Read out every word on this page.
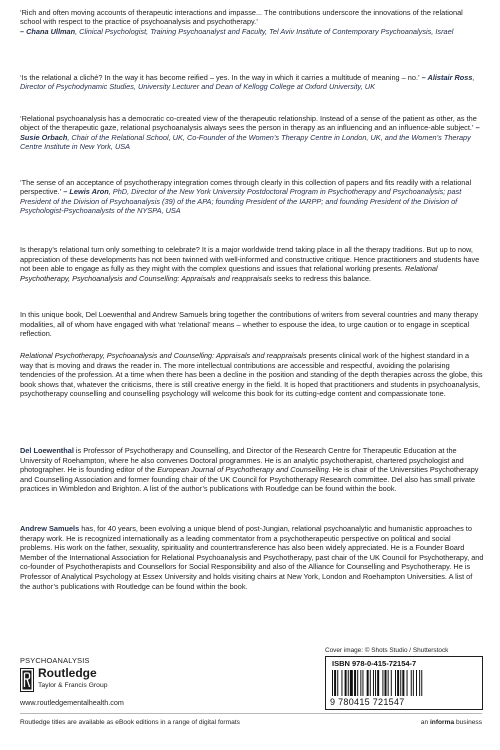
‘Rich and often moving accounts of therapeutic interactions and impasse... The contributions underscore the innovations of the relational school with respect to the practice of psychoanalysis and psychotherapy.’
– Chana Ullman, Clinical Psychologist, Training Psychoanalyst and Faculty, Tel Aviv Institute of Contemporary Psychoanalysis, Israel
‘Is the relational a cliché? In the way it has become reified – yes. In the way in which it carries a multitude of meaning – no.’ – Alistair Ross, Director of Psychodynamic Studies, University Lecturer and Dean of Kellogg College at Oxford University, UK
‘Relational psychoanalysis has a democratic co-created view of the therapeutic relationship. Instead of a sense of the patient as other, as the object of the therapeutic gaze, relational psychoanalysis always sees the person in therapy as an influencing and an influence-able subject.’ – Susie Orbach, Chair of the Relational School, UK, Co-Founder of the Women’s Therapy Centre in London, UK, and the Women’s Therapy Centre Institute in New York, USA
‘The sense of an acceptance of psychotherapy integration comes through clearly in this collection of papers and fits readily with a relational perspective.’ – Lewis Aron, PhD, Director of the New York University Postdoctoral Program in Psychotherapy and Psychoanalysis; past President of the Division of Psychoanalysis (39) of the APA; founding President of the IARPP; and founding President of the Division of Psychologist-Psychoanalysts of the NYSPA, USA
Is therapy’s relational turn only something to celebrate? It is a major worldwide trend taking place in all the therapy traditions. But up to now, appreciation of these developments has not been twinned with well-informed and constructive critique. Hence practitioners and students have not been able to engage as fully as they might with the complex questions and issues that relational working presents. Relational Psychotherapy, Psychoanalysis and Counselling: Appraisals and reappraisals seeks to redress this balance.
In this unique book, Del Loewenthal and Andrew Samuels bring together the contributions of writers from several countries and many therapy modalities, all of whom have engaged with what ‘relational’ means – whether to espouse the idea, to urge caution or to engage in sceptical reflection.
Relational Psychotherapy, Psychoanalysis and Counselling: Appraisals and reappraisals presents clinical work of the highest standard in a way that is moving and draws the reader in. The more intellectual contributions are accessible and respectful, avoiding the polarising tendencies of the profession. At a time when there has been a decline in the position and standing of the depth therapies across the globe, this book shows that, whatever the criticisms, there is still creative energy in the field. It is hoped that practitioners and students in psychoanalysis, psychotherapy counselling and counselling psychology will welcome this book for its cutting-edge content and compassionate tone.
Del Loewenthal is Professor of Psychotherapy and Counselling, and Director of the Research Centre for Therapeutic Education at the University of Roehampton, where he also convenes Doctoral programmes. He is an analytic psychotherapist, chartered psychologist and photographer. He is founding editor of the European Journal of Psychotherapy and Counselling. He is chair of the Universities Psychotherapy and Counselling Association and former founding chair of the UK Council for Psychotherapy Research committee. Del also has small private practices in Wimbledon and Brighton. A list of the author’s publications with Routledge can be found within the book.
Andrew Samuels has, for 40 years, been evolving a unique blend of post-Jungian, relational psychoanalytic and humanistic approaches to therapy work. He is recognized internationally as a leading commentator from a psychotherapeutic perspective on political and social problems. His work on the father, sexuality, spirituality and countertransference has also been widely appreciated. He is a Founder Board Member of the International Association for Relational Psychoanalysis and Psychotherapy, past chair of the UK Council for Psychotherapy, and co-founder of Psychotherapists and Counsellors for Social Responsibility and also of the Alliance for Counselling and Psychotherapy. He is Professor of Analytical Psychology at Essex University and holds visiting chairs at New York, London and Roehampton Universities. A list of the author’s publications with Routledge can be found within the book.
PSYCHOANALYSIS
Routledge
Taylor & Francis Group
www.routledgementalhealth.com
Routledge titles are available as eBook editions in a range of digital formats	an informa business
Cover image: © Shots Studio / Shutterstock
ISBN 978-0-415-72154-7
9 780415 721547
